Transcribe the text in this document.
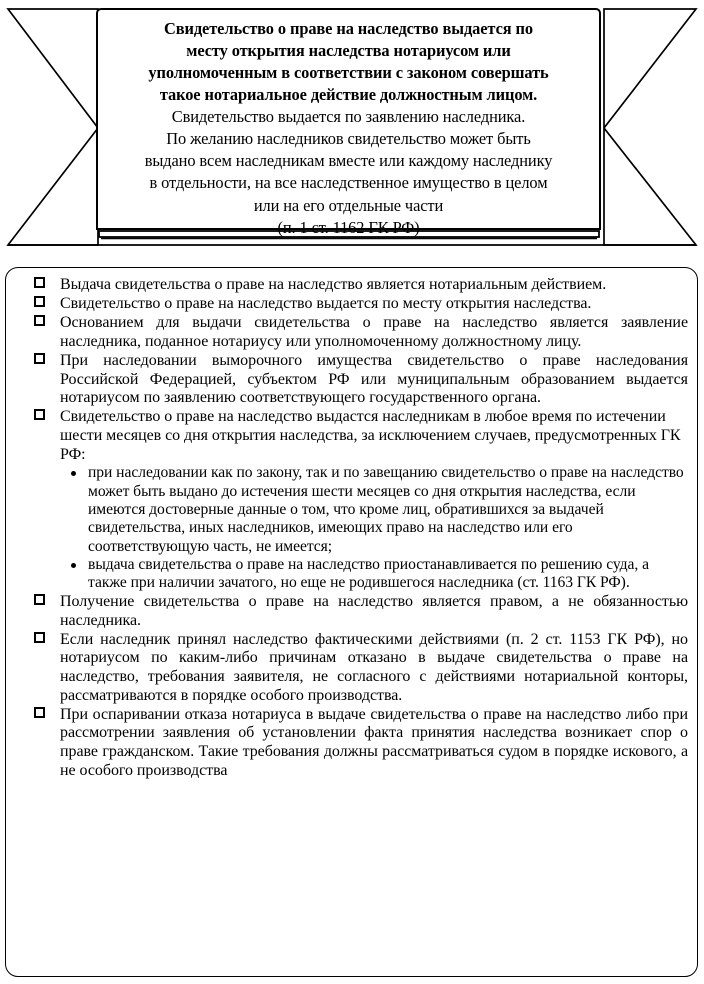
Свидетельство о праве на наследство выдается по
месту открытия наследства нотариусом или
уполномоченным в соответствии с законом совершать
такое нотариальное действие должностным лицом.
Свидетельство выдается по заявлению наследника.
По желанию наследников свидетельство может быть
выдано всем наследникам вместе или каждому наследнику
в отдельности, на все наследственное имущество в целом
или на его отдельные части
(п. 1 ст. 1162 ГК РФ)
Выдача свидетельства о праве на наследство является нотариальным действием.
Свидетельство о праве на наследство выдается по месту открытия наследства.
Основанием для выдачи свидетельства о праве на наследство является заявление наследника, поданное нотариусу или уполномоченному должностному лицу.
При наследовании выморочного имущества свидетельство о праве наследования Российской Федерацией, субъектом РФ или муниципальным образованием выдается нотариусом по заявлению соответствующего государственного органа.
Свидетельство о праве на наследство выдастся наследникам в любое время по истечении шести месяцев со дня открытия наследства, за исключением случаев, предусмотренных ГК РФ:
при наследовании как по закону, так и по завещанию свидетельство о праве на наследство может быть выдано до истечения шести месяцев со дня открытия наследства, если имеются достоверные данные о том, что кроме лиц, обратившихся за выдачей свидетельства, иных наследников, имеющих право на наследство или его соответствующую часть, не имеется;
выдача свидетельства о праве на наследство приостанавливается по решению суда, а также при наличии зачатого, но еще не родившегося наследника (ст. 1163 ГК РФ).
Получение свидетельства о праве на наследство является правом, а не обязанностью наследника.
Если наследник принял наследство фактическими действиями (п. 2 ст. 1153 ГК РФ), но нотариусом по каким-либо причинам отказано в выдаче свидетельства о праве на наследство, требования заявителя, не согласного с действиями нотариальной конторы, рассматриваются в порядке особого производства.
При оспаривании отказа нотариуса в выдаче свидетельства о праве на наследство либо при рассмотрении заявления об установлении факта принятия наследства возникает спор о праве гражданском. Такие требования должны рассматриваться судом в порядке искового, а не особого производства
